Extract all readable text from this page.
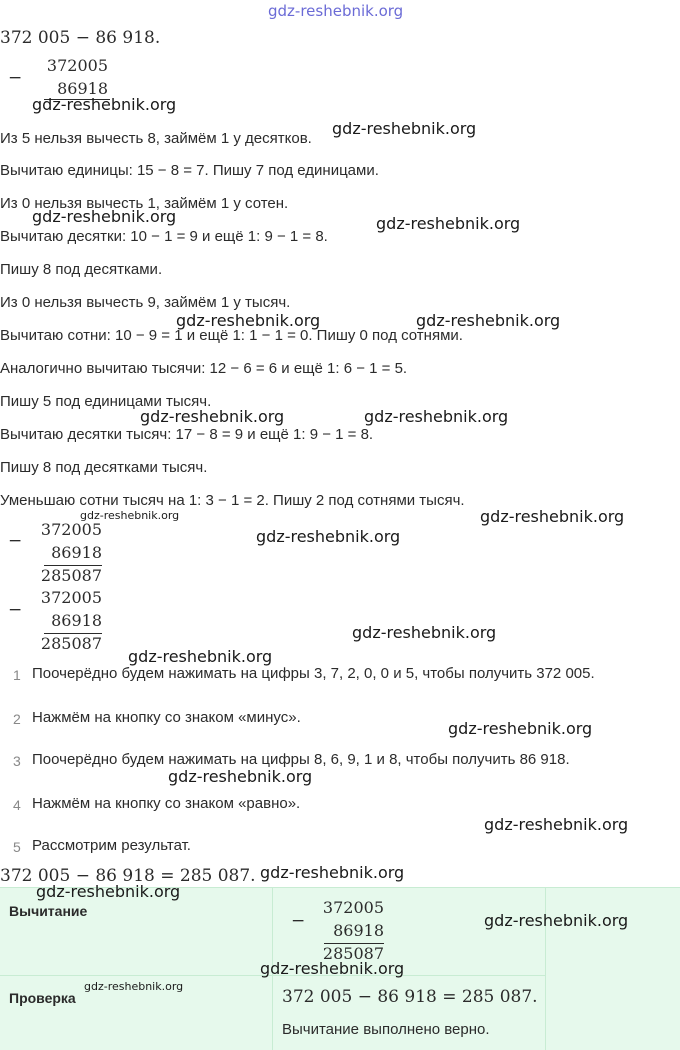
gdz-reshebnik.org
372 005 − 86 918.
−
372005
86918
gdz-reshebnik.org
Из 5 нельзя вычесть 8, займём 1 у десятков.
gdz-reshebnik.org
Вычитаю единицы: 15 − 8 = 7. Пишу 7 под единицами.
Из 0 нельзя вычесть 1, займём 1 у сотен.
gdz-reshebnik.org	gdz-reshebnik.org
Вычитаю десятки: 10 − 1 = 9 и ещё 1: 9 − 1 = 8.
Пишу 8 под десятками.
Из 0 нельзя вычесть 9, займём 1 у тысяч.
gdz-reshebnik.org	gdz-reshebnik.org
Вычитаю сотни: 10 − 9 = 1 и ещё 1: 1 − 1 = 0. Пишу 0 под сотнями.
Аналогично вычитаю тысячи: 12 − 6 = 6 и ещё 1: 6 − 1 = 5.
Пишу 5 под единицами тысяч.
gdz-reshebnik.org	gdz-reshebnik.org
Вычитаю десятки тысяч: 17 − 8 = 9 и ещё 1: 9 − 1 = 8.
Пишу 8 под десятками тысяч.
Уменьшаю сотни тысяч на 1: 3 − 1 = 2. Пишу 2 под сотнями тысяч.
gdz-reshebnik.org	gdz-reshebnik.org
−
372005
86918
285087
gdz-reshebnik.org
−
372005
86918
285087
gdz-reshebnik.org
gdz-reshebnik.org
1 Поочерёдно будем нажимать на цифры 3, 7, 2, 0, 0 и 5, чтобы получить 372 005.
2 Нажмём на кнопку со знаком «минус».
gdz-reshebnik.org
3 Поочерёдно будем нажимать на цифры 8, 6, 9, 1 и 8, чтобы получить 86 918.
gdz-reshebnik.org
4 Нажмём на кнопку со знаком «равно».
gdz-reshebnik.org
5 Рассмотрим результат.
372 005 − 86 918 = 285 087. gdz-reshebnik.org
gdz-reshebnik.org
Вычитание	−
372005
86918
285087
gdz-reshebnik.org
gdz-reshebnik.org
Проверка
gdz-reshebnik.org
372 005 − 86 918 = 285 087.
Вычитание выполнено верно.
